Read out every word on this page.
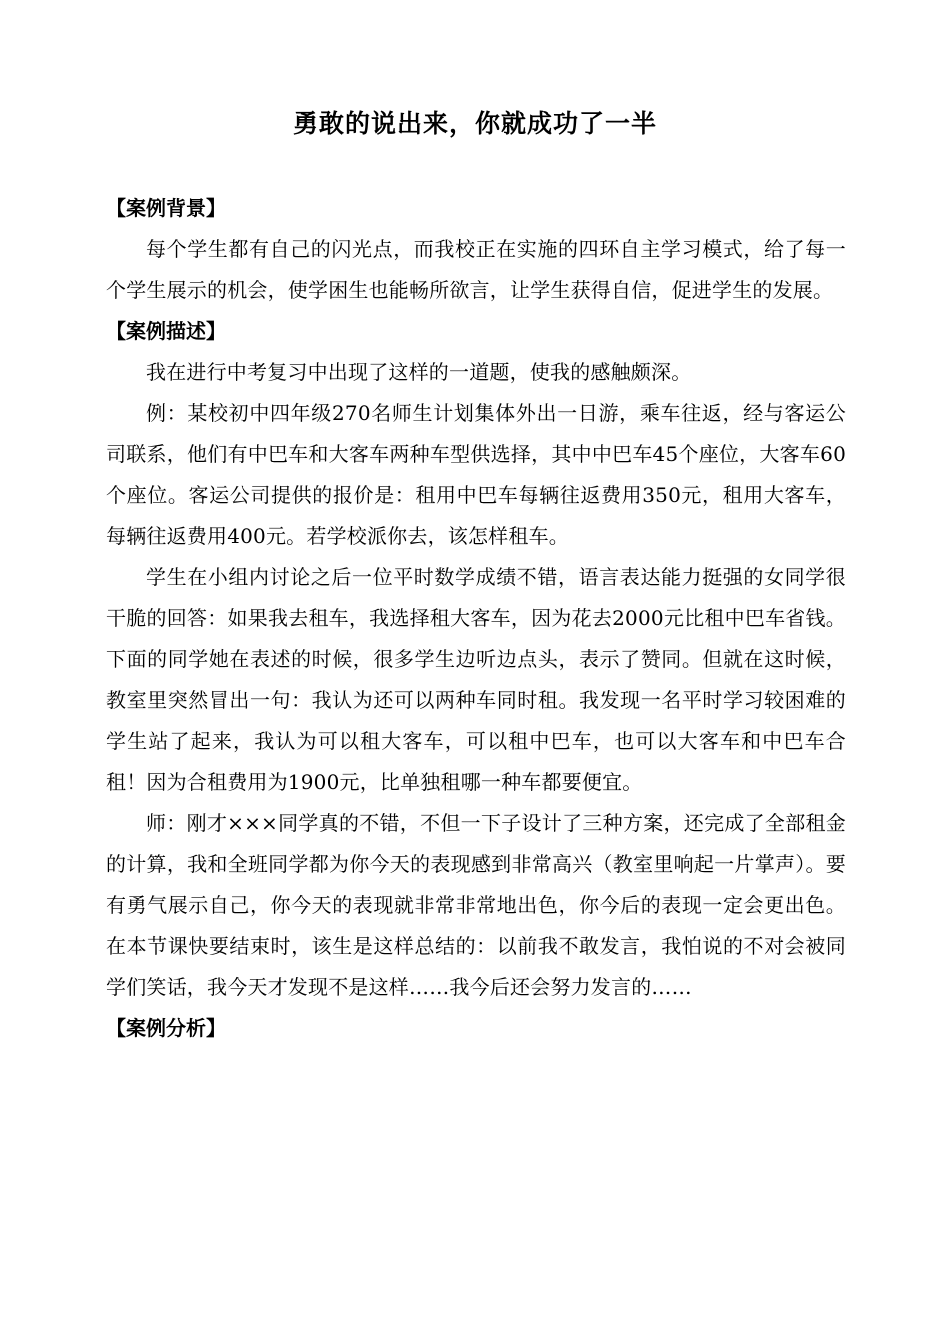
勇敢的说出来，你就成功了一半

【案例背景】

每个学生都有自己的闪光点，而我校正在实施的四环自主学习模式，给了每一个学生展示的机会，使学困生也能畅所欲言，让学生获得自信，促进学生的发展。

【案例描述】

我在进行中考复习中出现了这样的一道题，使我的感触颇深。

例：某校初中四年级270名师生计划集体外出一日游，乘车往返，经与客运公司联系，他们有中巴车和大客车两种车型供选择，其中中巴车45个座位，大客车60个座位。客运公司提供的报价是：租用中巴车每辆往返费用350元，租用大客车，每辆往返费用400元。若学校派你去，该怎样租车。

学生在小组内讨论之后一位平时数学成绩不错，语言表达能力挺强的女同学很干脆的回答：如果我去租车，我选择租大客车，因为花去2000元比租中巴车省钱。下面的同学她在表述的时候，很多学生边听边点头，表示了赞同。但就在这时候，教室里突然冒出一句：我认为还可以两种车同时租。我发现一名平时学习较困难的学生站了起来，我认为可以租大客车，可以租中巴车，也可以大客车和中巴车合租！因为合租费用为1900元，比单独租哪一种车都要便宜。

师：刚才×××同学真的不错，不但一下子设计了三种方案，还完成了全部租金的计算，我和全班同学都为你今天的表现感到非常高兴（教室里响起一片掌声）。要有勇气展示自己，你今天的表现就非常非常地出色，你今后的表现一定会更出色。在本节课快要结束时，该生是这样总结的：以前我不敢发言，我怕说的不对会被同学们笑话，我今天才发现不是这样……我今后还会努力发言的……

【案例分析】
